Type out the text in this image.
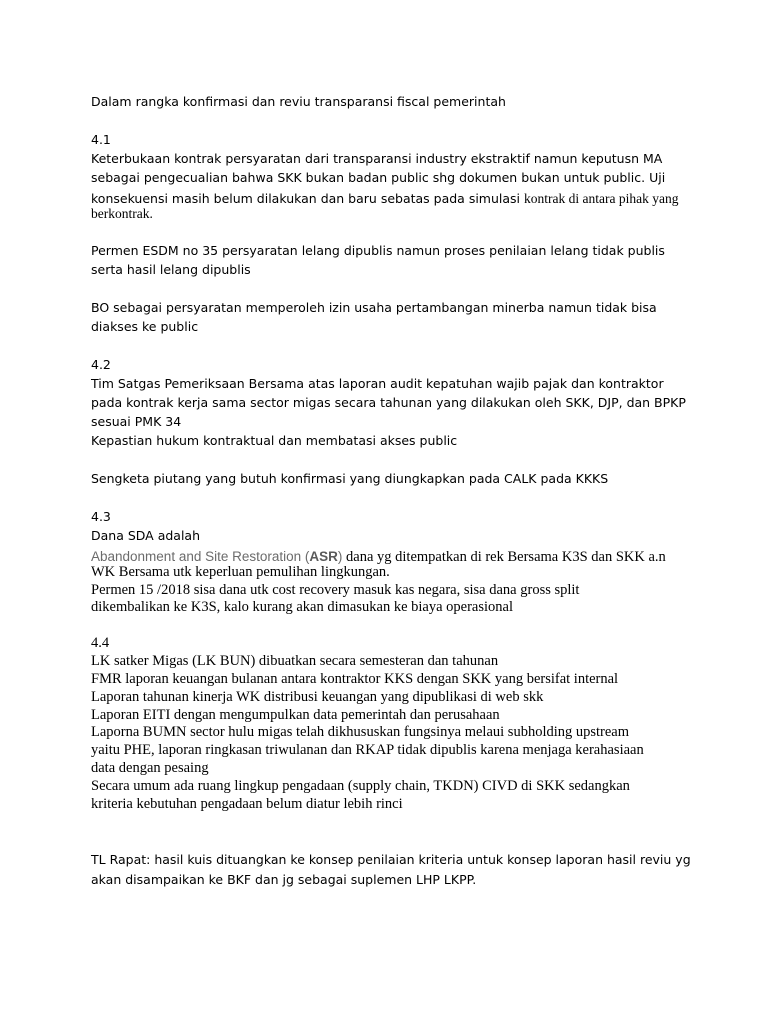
Dalam rangka konfirmasi dan reviu transparansi fiscal pemerintah
4.1
Keterbukaan kontrak persyaratan dari transparansi industry ekstraktif namun keputusn MA
sebagai pengecualian bahwa SKK bukan badan public shg dokumen bukan untuk public. Uji
konsekuensi masih belum dilakukan dan baru sebatas pada simulasi kontrak di antara pihak yang
berkontrak.
Permen ESDM no 35 persyaratan lelang dipublis namun proses penilaian lelang tidak publis
serta hasil lelang dipublis
BO sebagai persyaratan memperoleh izin usaha pertambangan minerba namun tidak bisa
diakses ke public
4.2
Tim Satgas Pemeriksaan Bersama atas laporan audit kepatuhan wajib pajak dan kontraktor
pada kontrak kerja sama sector migas secara tahunan yang dilakukan oleh SKK, DJP, dan BPKP
sesuai PMK 34
Kepastian hukum kontraktual dan membatasi akses public
Sengketa piutang yang butuh konfirmasi yang diungkapkan pada CALK pada KKKS
4.3
Dana SDA adalah
Abandonment and Site Restoration (ASR) dana yg ditempatkan di rek Bersama K3S dan SKK a.n
WK Bersama utk keperluan pemulihan lingkungan.
Permen 15 /2018 sisa dana utk cost recovery masuk kas negara, sisa dana gross split
dikembalikan ke K3S, kalo kurang akan dimasukan ke biaya operasional
4.4
LK satker Migas (LK BUN) dibuatkan secara semesteran dan tahunan
FMR laporan keuangan bulanan antara kontraktor KKS dengan SKK yang bersifat internal
Laporan tahunan kinerja WK distribusi keuangan yang dipublikasi di web skk
Laporan EITI dengan mengumpulkan data pemerintah dan perusahaan
Laporna BUMN sector hulu migas telah dikhususkan fungsinya melaui subholding upstream
yaitu PHE, laporan ringkasan triwulanan dan RKAP tidak dipublis karena menjaga kerahasiaan
data dengan pesaing
Secara umum ada ruang lingkup pengadaan (supply chain, TKDN) CIVD di SKK sedangkan
kriteria kebutuhan pengadaan belum diatur lebih rinci
TL Rapat: hasil kuis dituangkan ke konsep penilaian kriteria untuk konsep laporan hasil reviu yg
akan disampaikan ke BKF dan jg sebagai suplemen LHP LKPP.
